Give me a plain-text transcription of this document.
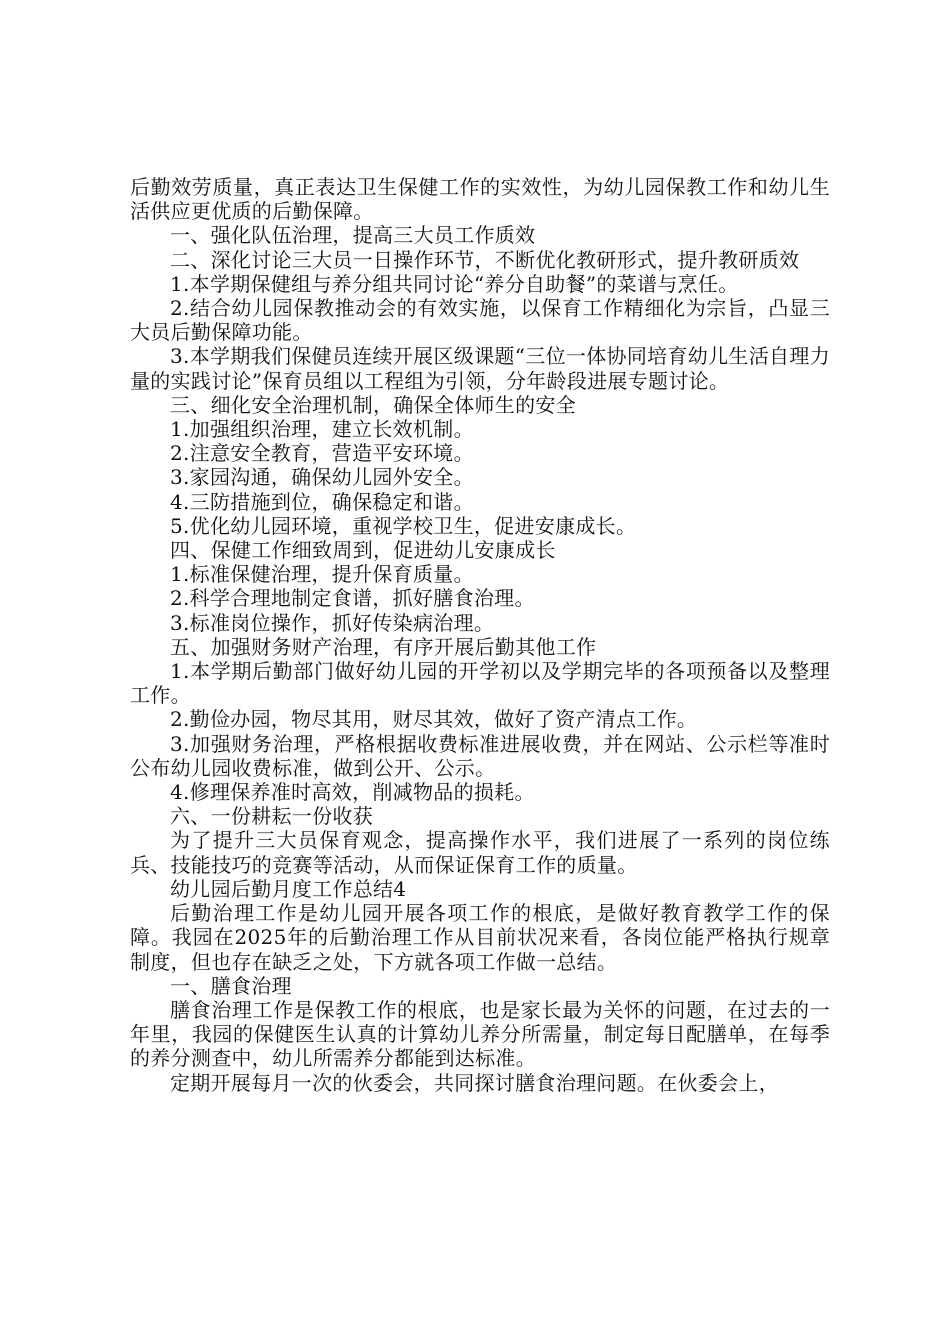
后勤效劳质量，真正表达卫生保健工作的实效性，为幼儿园保教工作和幼儿生活供应更优质的后勤保障。

一、强化队伍治理，提高三大员工作质效

二、深化讨论三大员一日操作环节，不断优化教研形式，提升教研质效

1.本学期保健组与养分组共同讨论“养分自助餐”的菜谱与烹任。

2.结合幼儿园保教推动会的有效实施，以保育工作精细化为宗旨，凸显三大员后勤保障功能。

3.本学期我们保健员连续开展区级课题“三位一体协同培育幼儿生活自理力量的实践讨论”保育员组以工程组为引领，分年龄段进展专题讨论。

三、细化安全治理机制，确保全体师生的安全

1.加强组织治理，建立长效机制。

2.注意安全教育，营造平安环境。

3.家园沟通，确保幼儿园外安全。

4.三防措施到位，确保稳定和谐。

5.优化幼儿园环境，重视学校卫生，促进安康成长。

四、保健工作细致周到，促进幼儿安康成长

1.标准保健治理，提升保育质量。

2.科学合理地制定食谱，抓好膳食治理。

3.标准岗位操作，抓好传染病治理。

五、加强财务财产治理，有序开展后勤其他工作

1.本学期后勤部门做好幼儿园的开学初以及学期完毕的各项预备以及整理工作。

2.勤俭办园，物尽其用，财尽其效，做好了资产清点工作。

3.加强财务治理，严格根据收费标准进展收费，并在网站、公示栏等准时公布幼儿园收费标准，做到公开、公示。

4.修理保养准时高效，削减物品的损耗。

六、一份耕耘一份收获

为了提升三大员保育观念，提高操作水平，我们进展了一系列的岗位练兵、技能技巧的竞赛等活动，从而保证保育工作的质量。

幼儿园后勤月度工作总结4

后勤治理工作是幼儿园开展各项工作的根底，是做好教育教学工作的保障。我园在2025年的后勤治理工作从目前状况来看，各岗位能严格执行规章制度，但也存在缺乏之处，下方就各项工作做一总结。

一、膳食治理

膳食治理工作是保教工作的根底，也是家长最为关怀的问题，在过去的一年里，我园的保健医生认真的计算幼儿养分所需量，制定每日配膳单，在每季的养分测查中，幼儿所需养分都能到达标准。

定期开展每月一次的伙委会，共同探讨膳食治理问题。在伙委会上，
